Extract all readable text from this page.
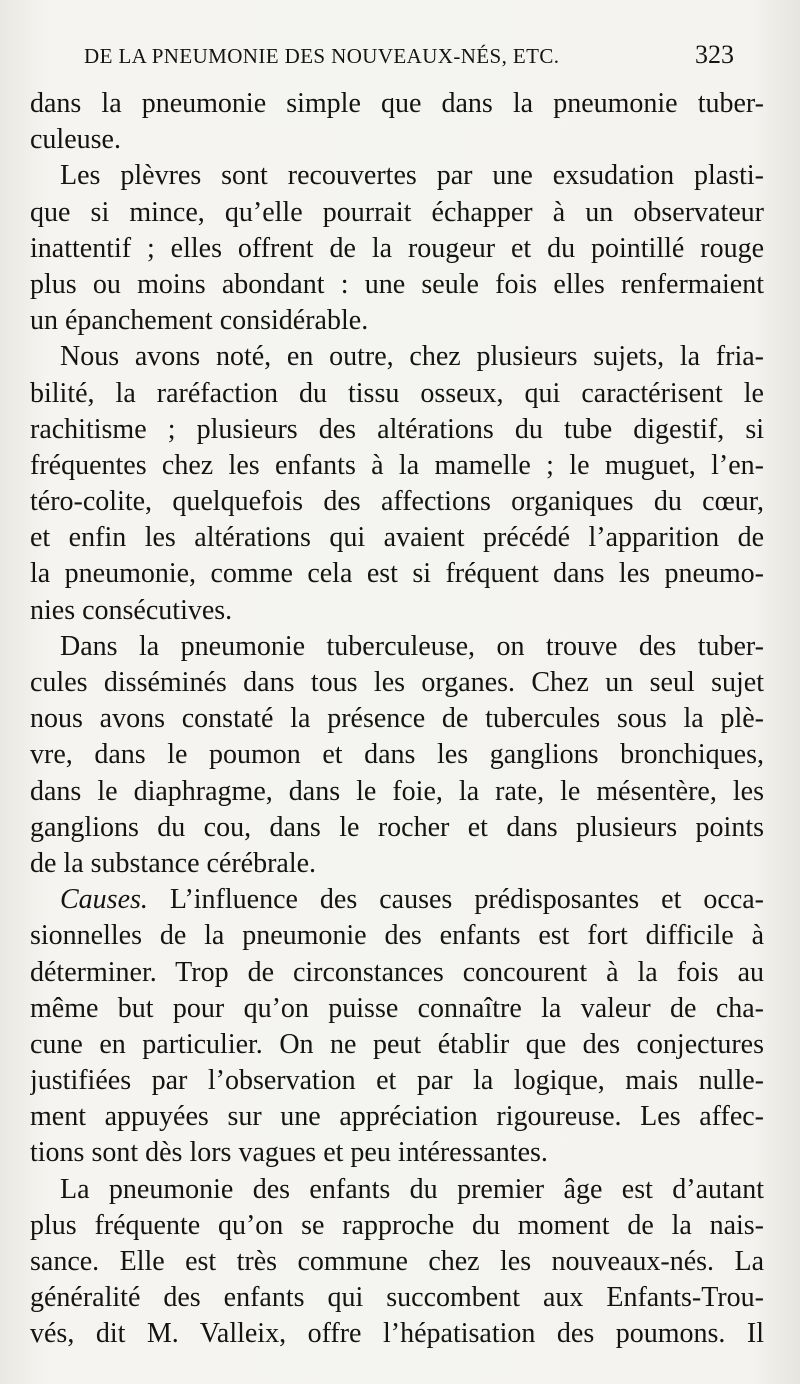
DE LA PNEUMONIE DES NOUVEAUX-NÉS, ETC.	323
dans la pneumonie simple que dans la pneumonie tuber-
culeuse.
Les plèvres sont recouvertes par une exsudation plasti-
que si mince, qu’elle pourrait échapper à un observateur
inattentif ; elles offrent de la rougeur et du pointillé rouge
plus ou moins abondant : une seule fois elles renfermaient
un épanchement considérable.
Nous avons noté, en outre, chez plusieurs sujets, la fria-
bilité, la raréfaction du tissu osseux, qui caractérisent le
rachitisme ; plusieurs des altérations du tube digestif, si
fréquentes chez les enfants à la mamelle ; le muguet, l’en-
téro-colite, quelquefois des affections organiques du cœur,
et enfin les altérations qui avaient précédé l’apparition de
la pneumonie, comme cela est si fréquent dans les pneumo-
nies consécutives.
Dans la pneumonie tuberculeuse, on trouve des tuber-
cules disséminés dans tous les organes. Chez un seul sujet
nous avons constaté la présence de tubercules sous la plè-
vre, dans le poumon et dans les ganglions bronchiques,
dans le diaphragme, dans le foie, la rate, le mésentère, les
ganglions du cou, dans le rocher et dans plusieurs points
de la substance cérébrale.
Causes. L’influence des causes prédisposantes et occa-
sionnelles de la pneumonie des enfants est fort difficile à
déterminer. Trop de circonstances concourent à la fois au
même but pour qu’on puisse connaître la valeur de cha-
cune en particulier. On ne peut établir que des conjectures
justifiées par l’observation et par la logique, mais nulle-
ment appuyées sur une appréciation rigoureuse. Les affec-
tions sont dès lors vagues et peu intéressantes.
La pneumonie des enfants du premier âge est d’autant
plus fréquente qu’on se rapproche du moment de la nais-
sance. Elle est très commune chez les nouveaux-nés. La
généralité des enfants qui succombent aux Enfants-Trou-
vés, dit M. Valleix, offre l’hépatisation des poumons. Il
